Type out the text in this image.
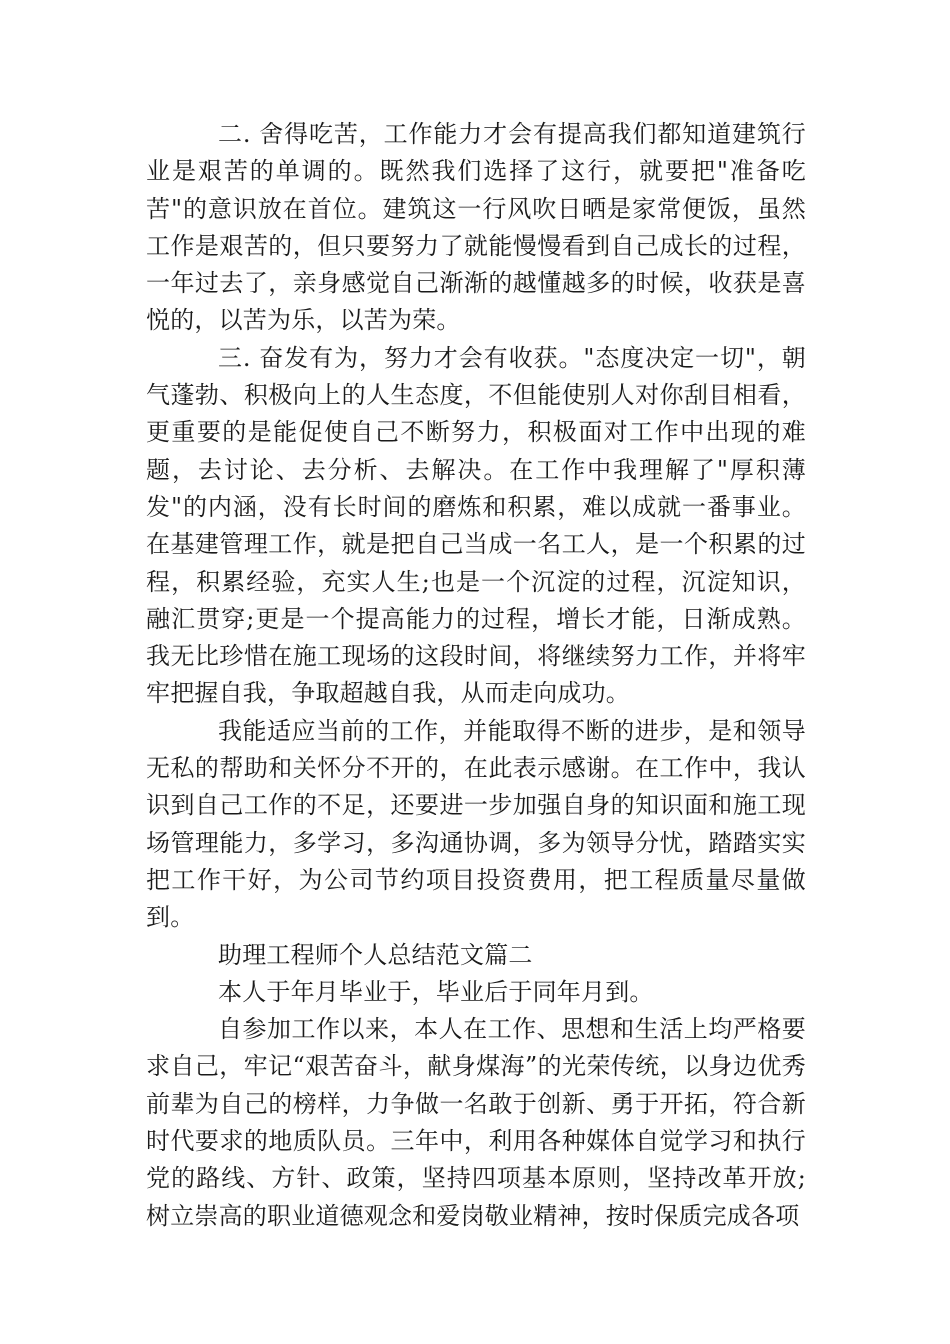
二. 舍得吃苦，工作能力才会有提高我们都知道建筑行业是艰苦的单调的。既然我们选择了这行，就要把"准备吃苦"的意识放在首位。建筑这一行风吹日晒是家常便饭，虽然工作是艰苦的，但只要努力了就能慢慢看到自己成长的过程，一年过去了，亲身感觉自己渐渐的越懂越多的时候，收获是喜悦的，以苦为乐，以苦为荣。

三. 奋发有为，努力才会有收获。"态度决定一切"，朝气蓬勃、积极向上的人生态度，不但能使别人对你刮目相看，更重要的是能促使自己不断努力，积极面对工作中出现的难题，去讨论、去分析、去解决。在工作中我理解了"厚积薄发"的内涵，没有长时间的磨炼和积累，难以成就一番事业。在基建管理工作，就是把自己当成一名工人，是一个积累的过程，积累经验，充实人生;也是一个沉淀的过程，沉淀知识，融汇贯穿;更是一个提高能力的过程，增长才能，日渐成熟。我无比珍惜在施工现场的这段时间，将继续努力工作，并将牢牢把握自我，争取超越自我，从而走向成功。

我能适应当前的工作，并能取得不断的进步，是和领导无私的帮助和关怀分不开的，在此表示感谢。在工作中，我认识到自己工作的不足，还要进一步加强自身的知识面和施工现场管理能力，多学习，多沟通协调，多为领导分忧，踏踏实实把工作干好，为公司节约项目投资费用，把工程质量尽量做到。

助理工程师个人总结范文篇二

本人于年月毕业于，毕业后于同年月到。

自参加工作以来，本人在工作、思想和生活上均严格要求自己，牢记“艰苦奋斗，献身煤海”的光荣传统，以身边优秀前辈为自己的榜样，力争做一名敢于创新、勇于开拓，符合新时代要求的地质队员。三年中，利用各种媒体自觉学习和执行党的路线、方针、政策，坚持四项基本原则，坚持改革开放;树立崇高的职业道德观念和爱岗敬业精神，按时保质完成各项
